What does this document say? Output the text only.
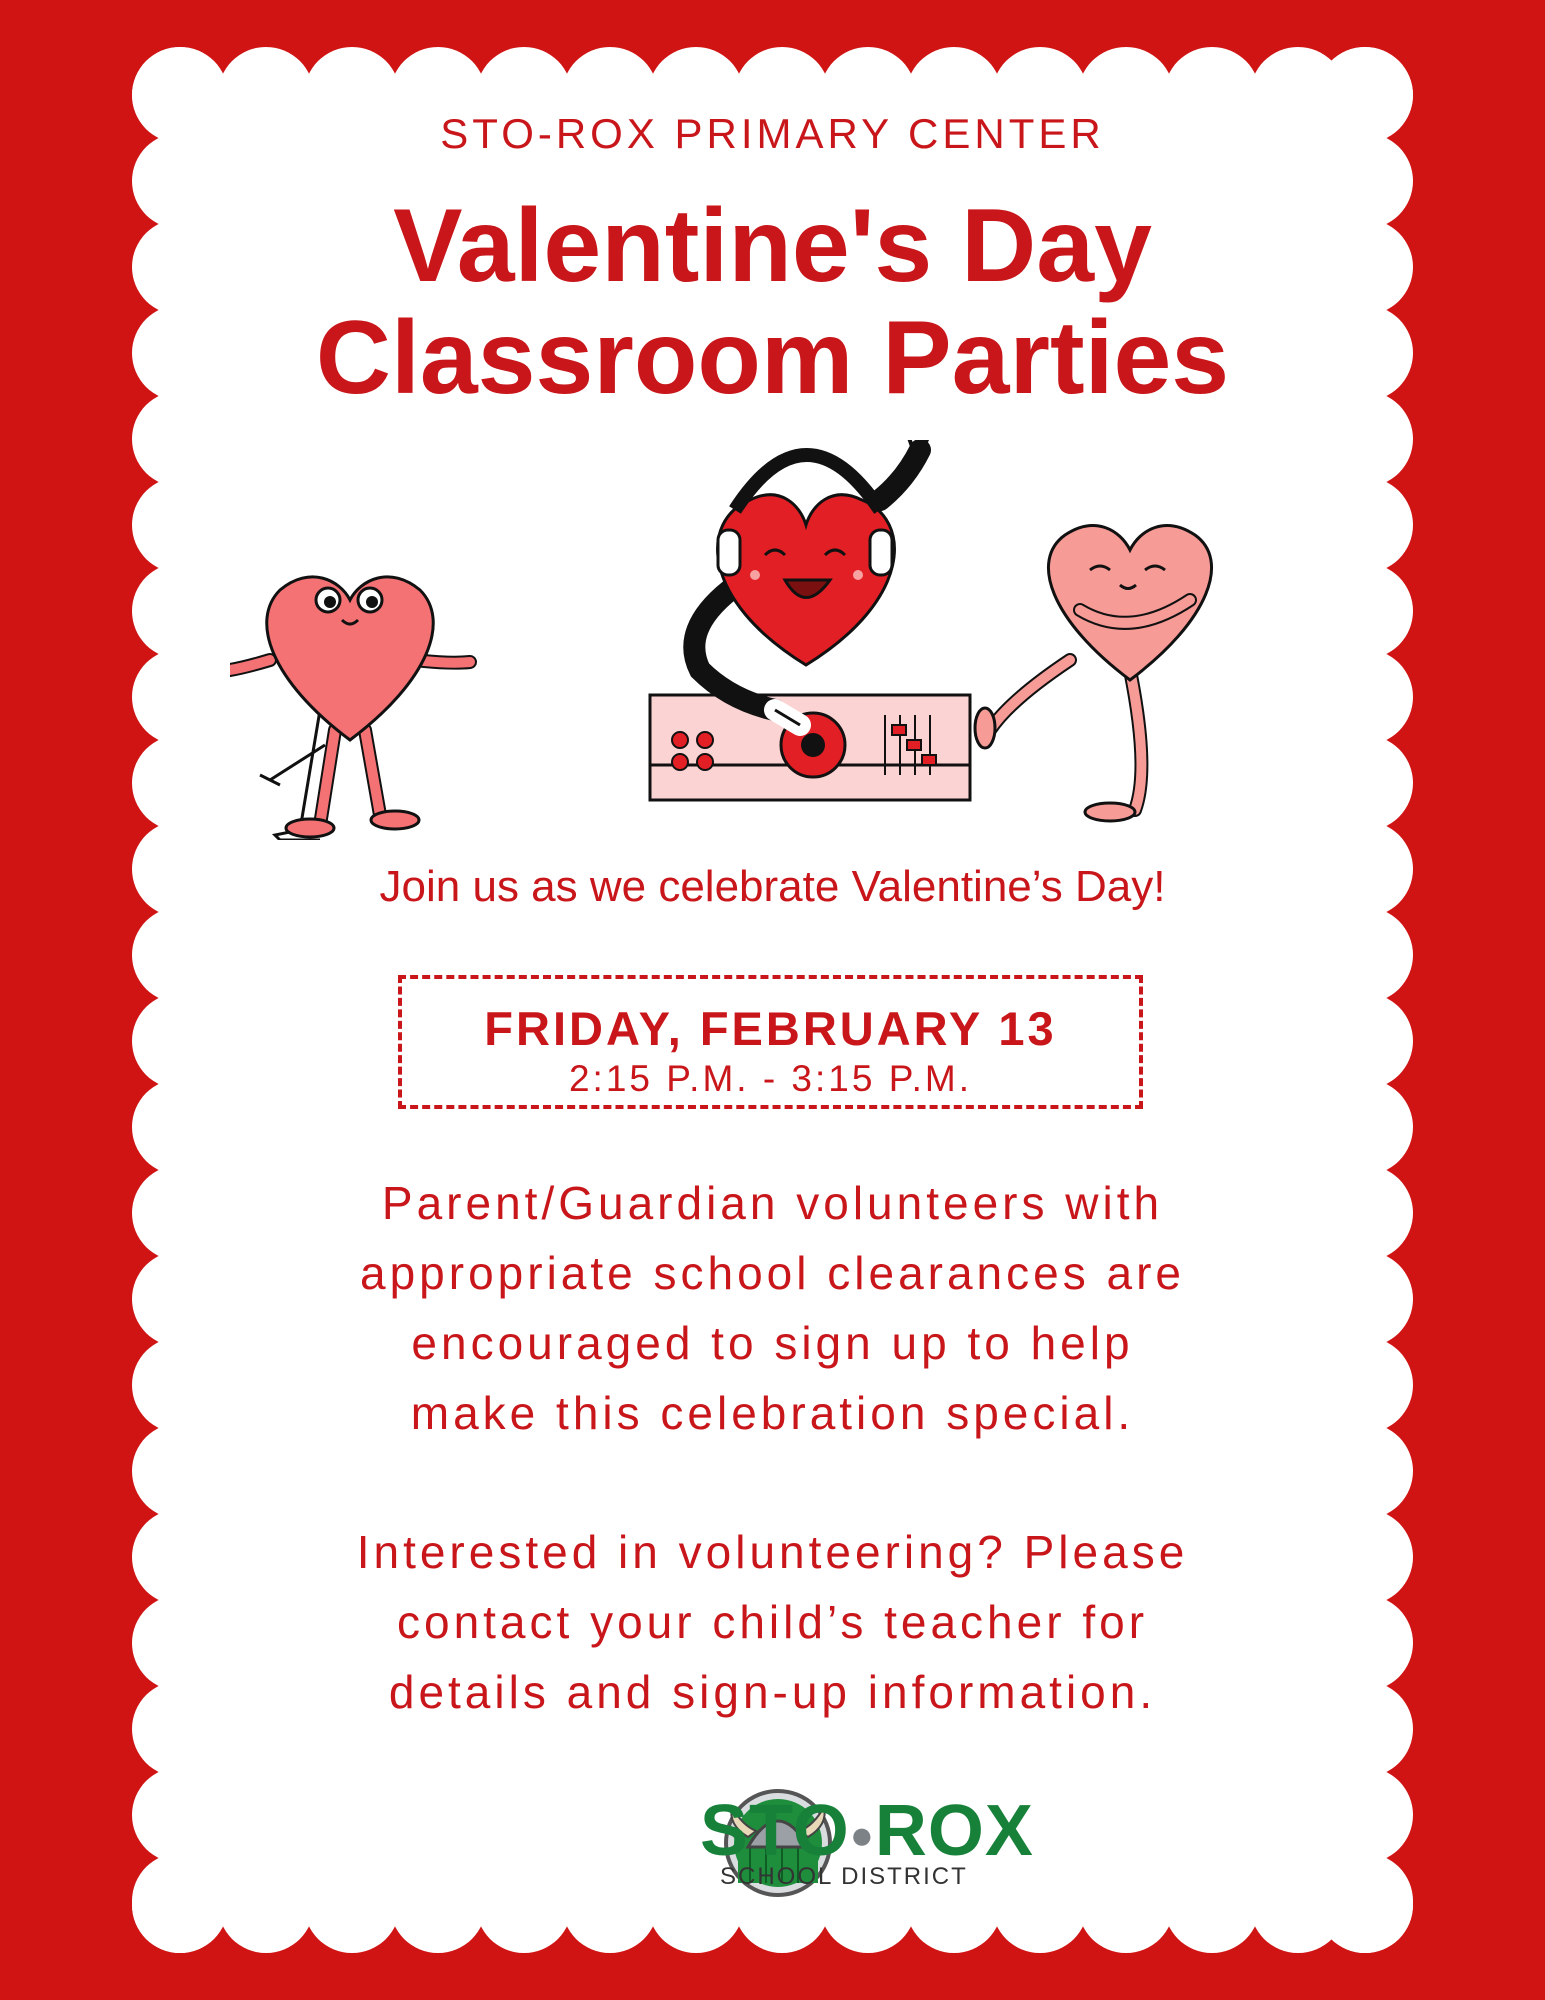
STO-ROX PRIMARY CENTER
Valentine's Day
Classroom Parties
Join us as we celebrate Valentine’s Day!
FRIDAY, FEBRUARY 13
2:15 P.M. - 3:15 P.M.
Parent/Guardian volunteers with
appropriate school clearances are
encouraged to sign up to help
make this celebration special.
Interested in volunteering? Please
contact your child’s teacher for
details and sign-up information.
STO●ROX
SCHOOL DISTRICT
